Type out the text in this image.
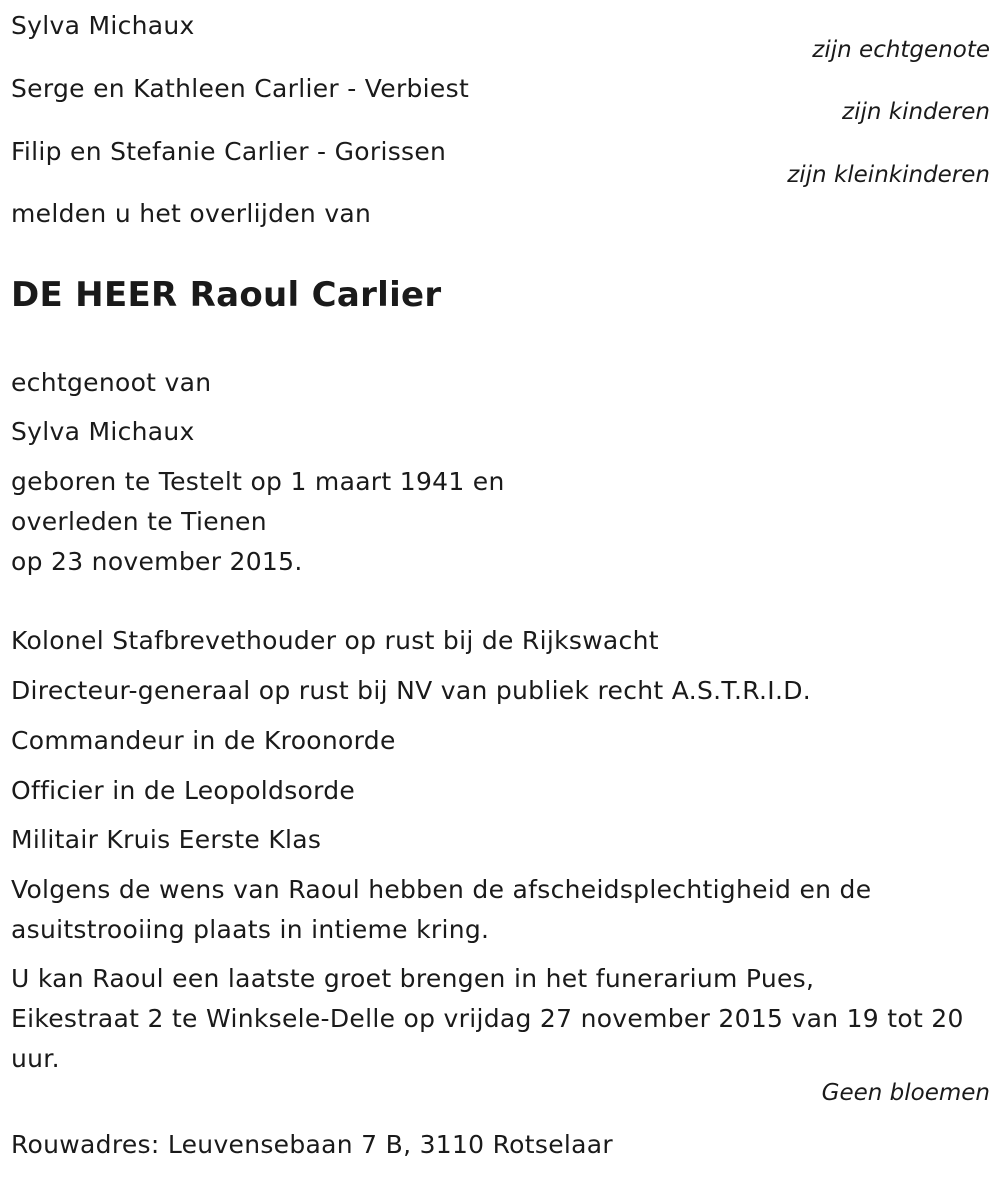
Sylva Michaux
zijn echtgenote
Serge en Kathleen Carlier - Verbiest
zijn kinderen
Filip en Stefanie Carlier - Gorissen
zijn kleinkinderen
melden u het overlijden van
DE HEER Raoul Carlier
echtgenoot van
Sylva Michaux
geboren te Testelt op 1 maart 1941 en
overleden te Tienen
op 23 november 2015.
Kolonel Stafbrevethouder op rust bij de Rijkswacht
Directeur-generaal op rust bij NV van publiek recht A.S.T.R.I.D.
Commandeur in de Kroonorde
Officier in de Leopoldsorde
Militair Kruis Eerste Klas
Volgens de wens van Raoul hebben de afscheidsplechtigheid en de
asuitstrooiing plaats in intieme kring.
U kan Raoul een laatste groet brengen in het funerarium Pues,
Eikestraat 2 te Winksele-Delle op vrijdag 27 november 2015 van 19 tot 20
uur.
Geen bloemen
Rouwadres: Leuvensebaan 7 B, 3110 Rotselaar
